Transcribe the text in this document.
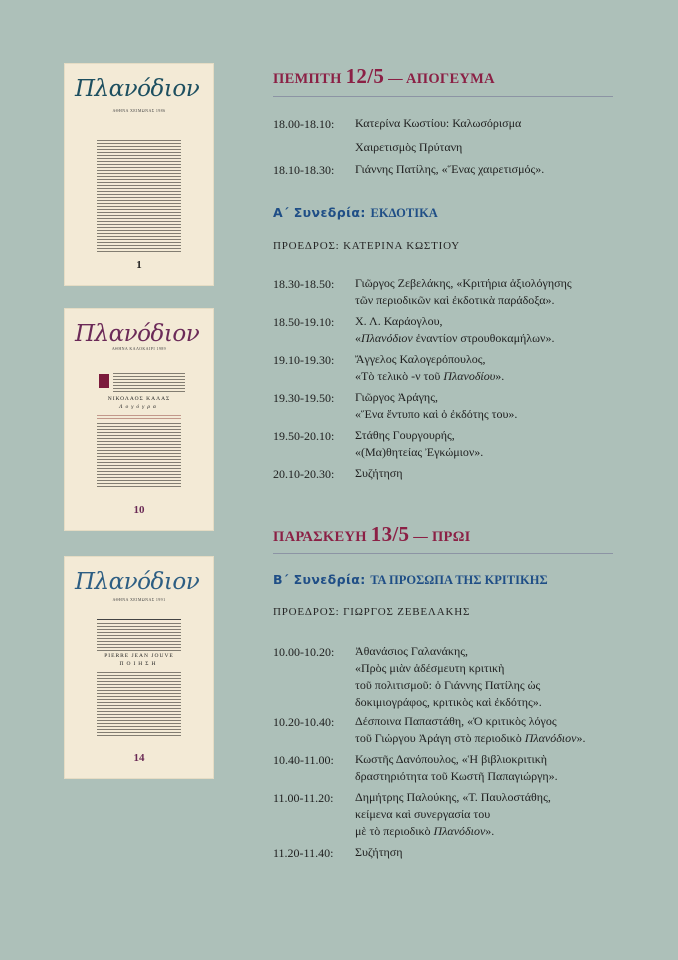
Πλανόδιον
ΑΘΗΝΑ ΧΕΙΜΩΝΑΣ 1986
1
Πλανόδιον
ΑΘΗΝΑ ΚΑΛΟΚΑΙΡΙ 1989
ΝΙΚΟΛΑΟΣ ΚΑΛΑΣ
Λογόγρα
10
Πλανόδιον
ΑΘΗΝΑ ΧΕΙΜΩΝΑΣ 1991
PIERRE JEAN JOUVE
ΠΟΙΗΣΗ
14
ΠΕΜΠΤΗ 12/5 — ΑΠΟΓΕΥΜΑ
18.00-18.10: Κατερίνα Κωστίου: Καλωσόρισμα
Χαιρετισμὸς Πρύτανη
18.10-18.30: Γιάννης Πατίλης, «Ἕνας χαιρετισμός».
Α΄ Συνεδρία: ΕΚΔΟΤΙΚΑ
ΠΡΟΕΔΡΟΣ: ΚΑΤΕΡΙΝΑ ΚΩΣΤΙΟΥ
18.30-18.50: Γιῶργος Ζεβελάκης, «Κριτήρια ἀξιολόγησης
τῶν περιοδικῶν καὶ ἐκδοτικὰ παράδοξα».
18.50-19.10: Χ. Λ. Καράογλου,
«Πλανόδιον ἐναντίον στρουθοκαμήλων».
19.10-19.30: Ἄγγελος Καλογερόπουλος,
«Τὸ τελικὸ -ν τοῦ Πλανοδίου».
19.30-19.50: Γιῶργος Ἀράγης,
«Ἕνα ἔντυπο καὶ ὁ ἐκδότης του».
19.50-20.10: Στάθης Γουργουρής,
«(Μα)θητείας Ἐγκώμιον».
20.10-20.30: Συζήτηση
ΠΑΡΑΣΚΕΥΗ 13/5 — ΠΡΩΙ
Β΄ Συνεδρία: ΤΑ ΠΡΟΣΩΠΑ ΤΗΣ ΚΡΙΤΙΚΗΣ
ΠΡΟΕΔΡΟΣ: ΓΙΩΡΓΟΣ ΖΕΒΕΛΑΚΗΣ
10.00-10.20: Ἀθανάσιος Γαλανάκης,
«Πρὸς μιὰν ἀδέσμευτη κριτικὴ
τοῦ πολιτισμοῦ: ὁ Γιάννης Πατίλης ὡς
δοκιμιογράφος, κριτικὸς καὶ ἐκδότης».
10.20-10.40: Δέσποινα Παπαστάθη, «Ὁ κριτικὸς λόγος
τοῦ Γιώργου Ἀράγη στὸ περιοδικὸ Πλανόδιον».
10.40-11.00: Κωστῆς Δανόπουλος, «Ἡ βιβλιοκριτικὴ
δραστηριότητα τοῦ Κωστῆ Παπαγιώργη».
11.00-11.20: Δημήτρης Παλούκης, «Τ. Παυλοστάθης,
κείμενα καὶ συνεργασία του
μὲ τὸ περιοδικὸ Πλανόδιον».
11.20-11.40: Συζήτηση
